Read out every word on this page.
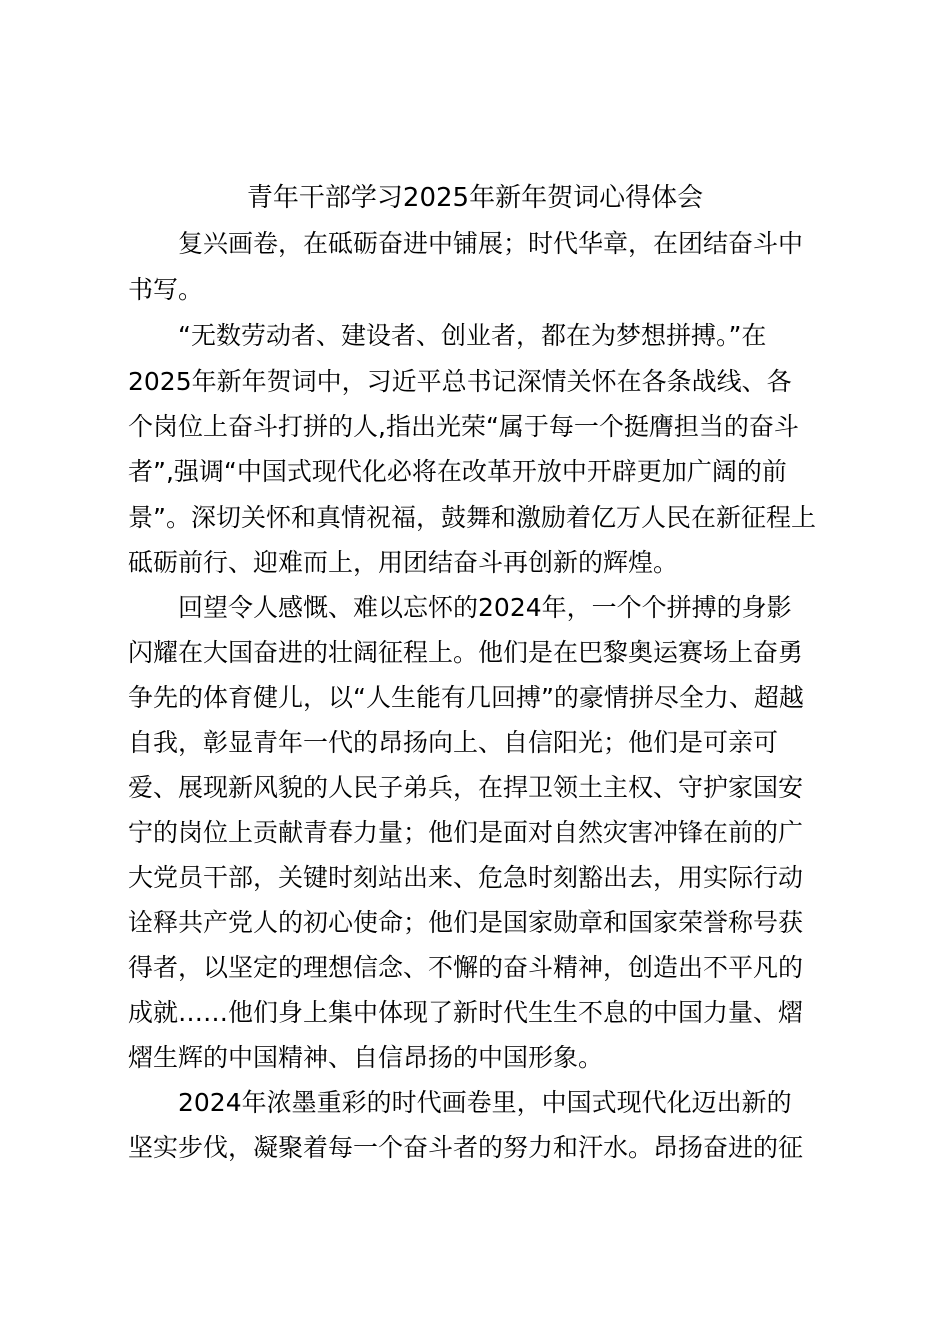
青年干部学习2025年新年贺词心得体会
复兴画卷，在砥砺奋进中铺展；时代华章，在团结奋斗中
书写。
“无数劳动者、建设者、创业者，都在为梦想拼搏。”在
2025年新年贺词中，习近平总书记深情关怀在各条战线、各
个岗位上奋斗打拼的人,指出光荣“属于每一个挺膺担当的奋斗
者”,强调“中国式现代化必将在改革开放中开辟更加广阔的前
景”。深切关怀和真情祝福，鼓舞和激励着亿万人民在新征程上
砥砺前行、迎难而上，用团结奋斗再创新的辉煌。
回望令人感慨、难以忘怀的2024年，一个个拼搏的身影
闪耀在大国奋进的壮阔征程上。他们是在巴黎奥运赛场上奋勇
争先的体育健儿，以“人生能有几回搏”的豪情拼尽全力、超越
自我，彰显青年一代的昂扬向上、自信阳光；他们是可亲可
爱、展现新风貌的人民子弟兵，在捍卫领土主权、守护家国安
宁的岗位上贡献青春力量；他们是面对自然灾害冲锋在前的广
大党员干部，关键时刻站出来、危急时刻豁出去，用实际行动
诠释共产党人的初心使命；他们是国家勋章和国家荣誉称号获
得者，以坚定的理想信念、不懈的奋斗精神，创造出不平凡的
成就……他们身上集中体现了新时代生生不息的中国力量、熠
熠生辉的中国精神、自信昂扬的中国形象。
2024年浓墨重彩的时代画卷里，中国式现代化迈出新的
坚实步伐，凝聚着每一个奋斗者的努力和汗水。昂扬奋进的征
